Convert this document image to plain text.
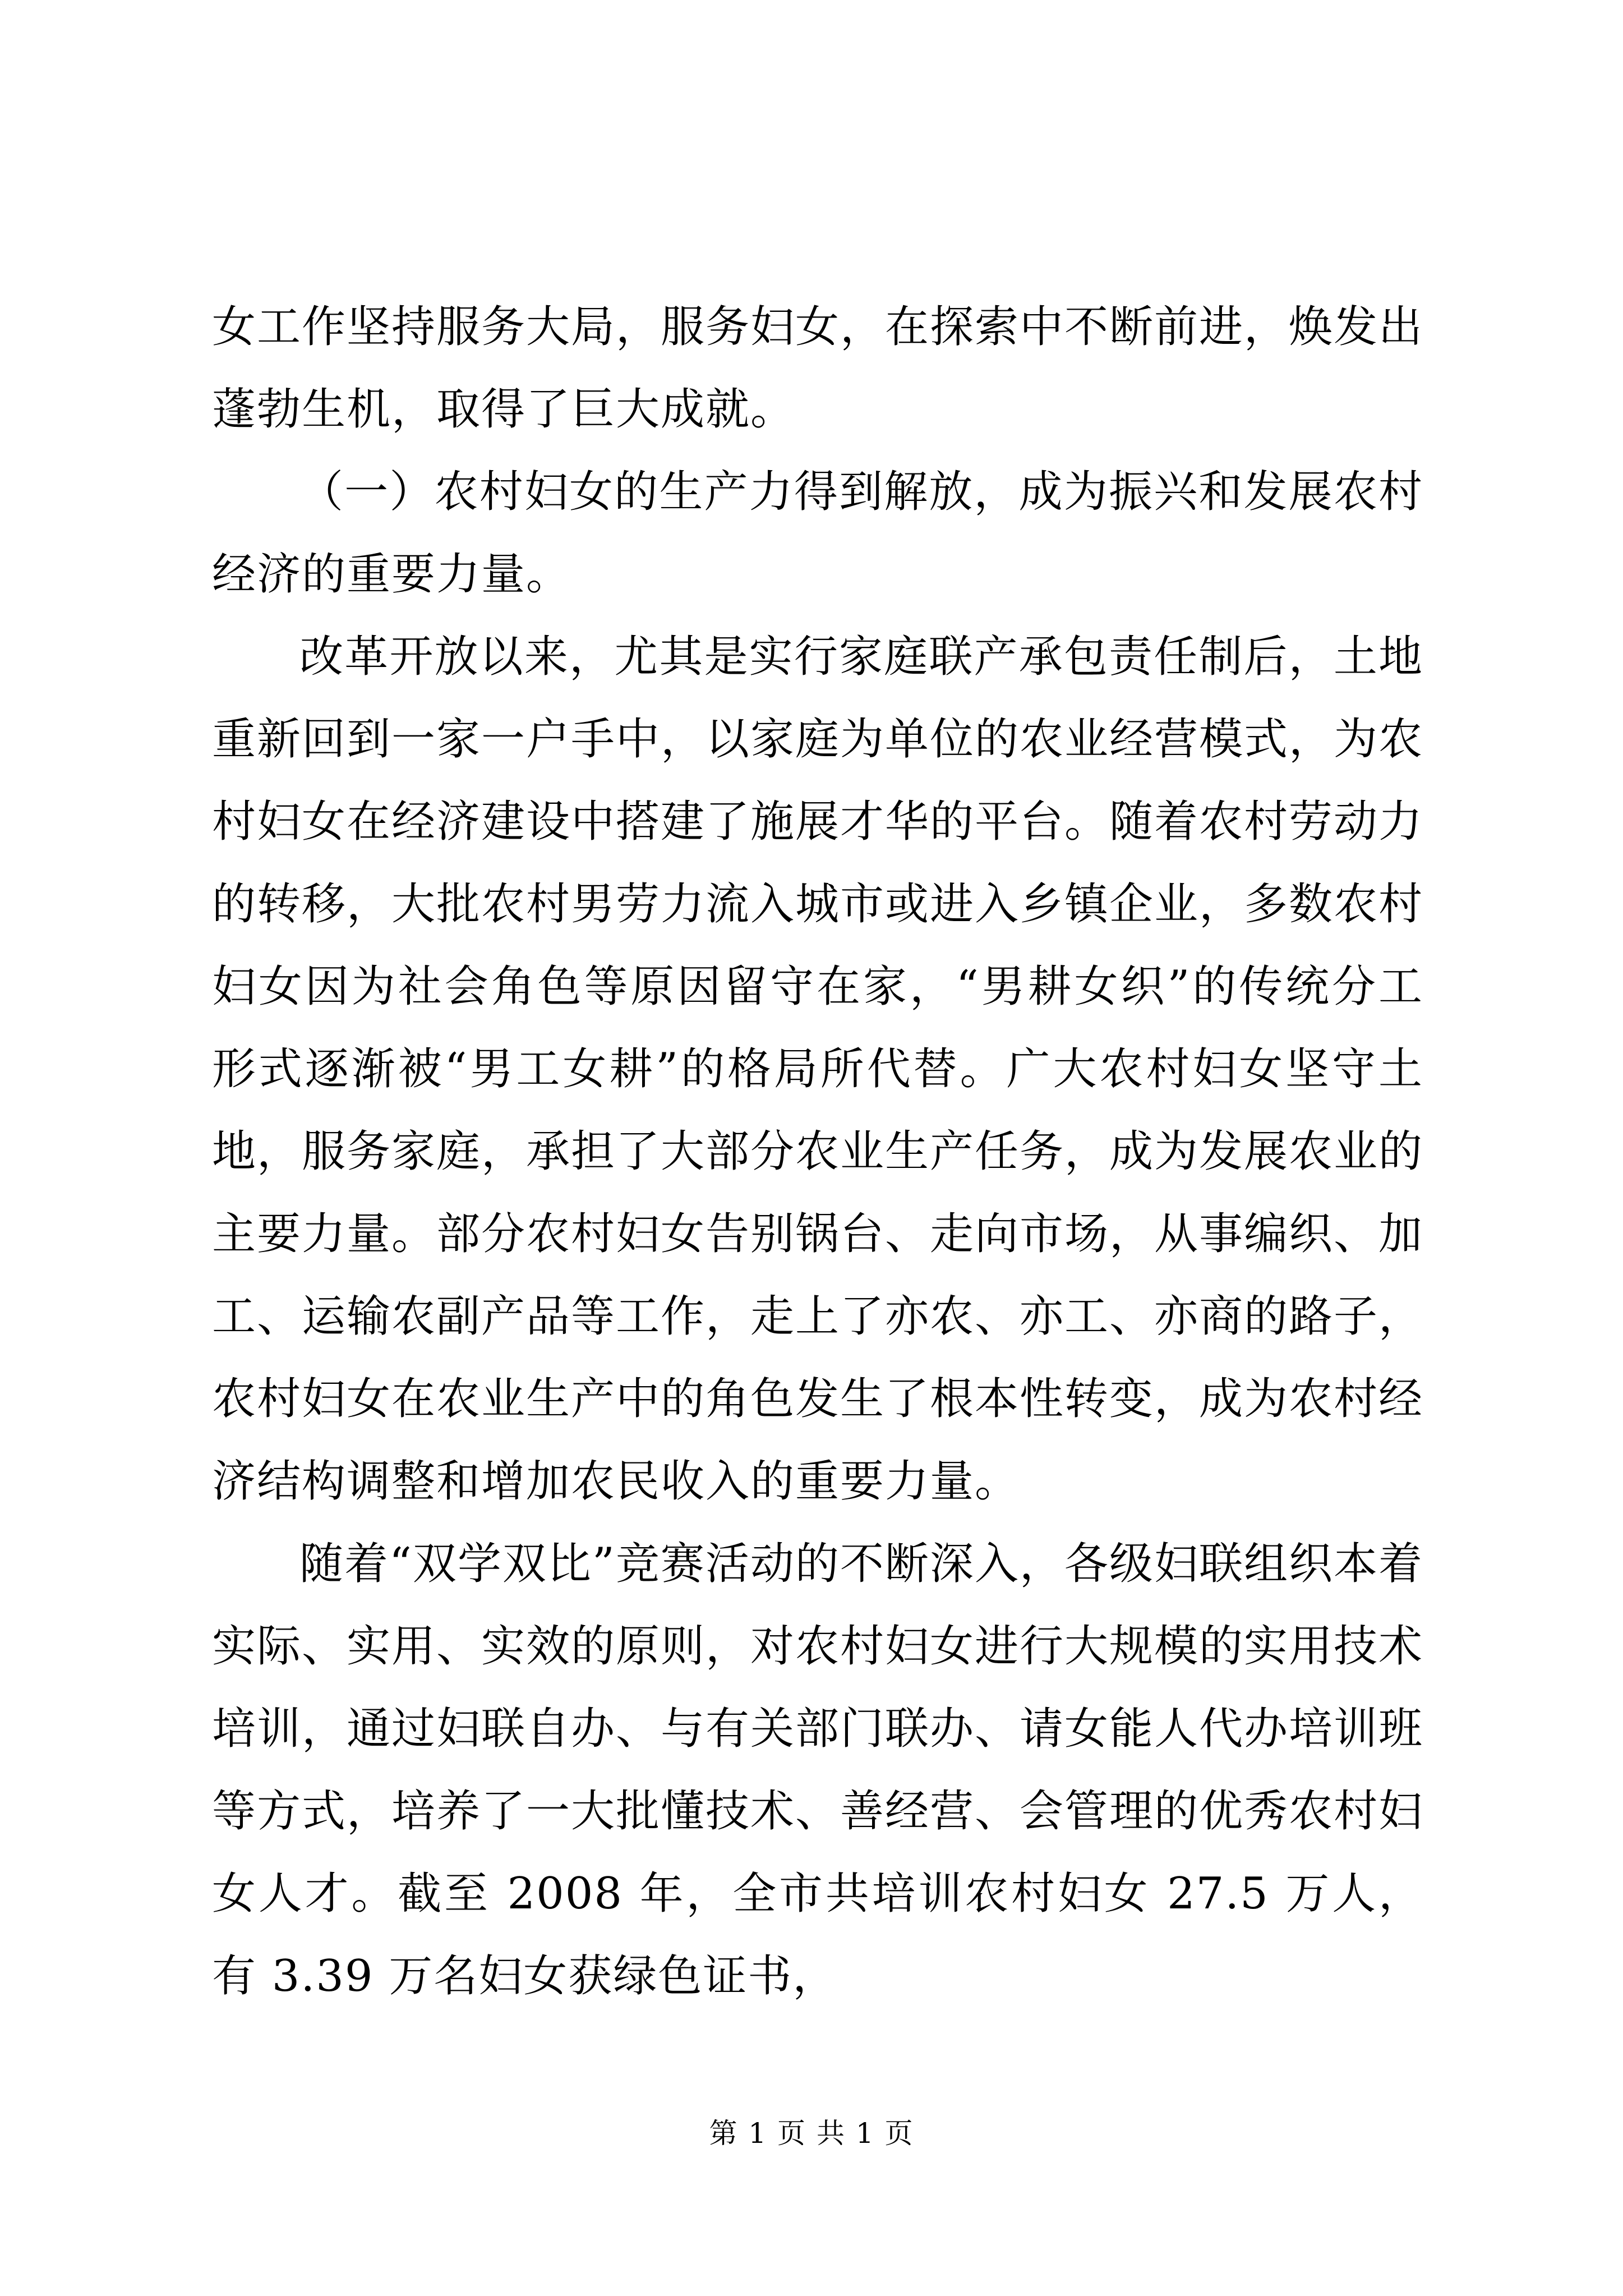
女工作坚持服务大局，服务妇女，在探索中不断前进，焕发出蓬勃生机，取得了巨大成就。

（一）农村妇女的生产力得到解放，成为振兴和发展农村经济的重要力量。

改革开放以来，尤其是实行家庭联产承包责任制后，土地重新回到一家一户手中，以家庭为单位的农业经营模式，为农村妇女在经济建设中搭建了施展才华的平台。随着农村劳动力的转移，大批农村男劳力流入城市或进入乡镇企业，多数农村妇女因为社会角色等原因留守在家，“男耕女织”的传统分工形式逐渐被“男工女耕”的格局所代替。广大农村妇女坚守土地，服务家庭，承担了大部分农业生产任务，成为发展农业的主要力量。部分农村妇女告别锅台、走向市场，从事编织、加工、运输农副产品等工作，走上了亦农、亦工、亦商的路子，农村妇女在农业生产中的角色发生了根本性转变，成为农村经济结构调整和增加农民收入的重要力量。

随着“双学双比”竞赛活动的不断深入，各级妇联组织本着实际、实用、实效的原则，对农村妇女进行大规模的实用技术培训，通过妇联自办、与有关部门联办、请女能人代办培训班等方式，培养了一大批懂技术、善经营、会管理的优秀农村妇女人才。截至 2008 年，全市共培训农村妇女 27.5 万人，有 3.39 万名妇女获绿色证书，

第 1 页 共 1 页
